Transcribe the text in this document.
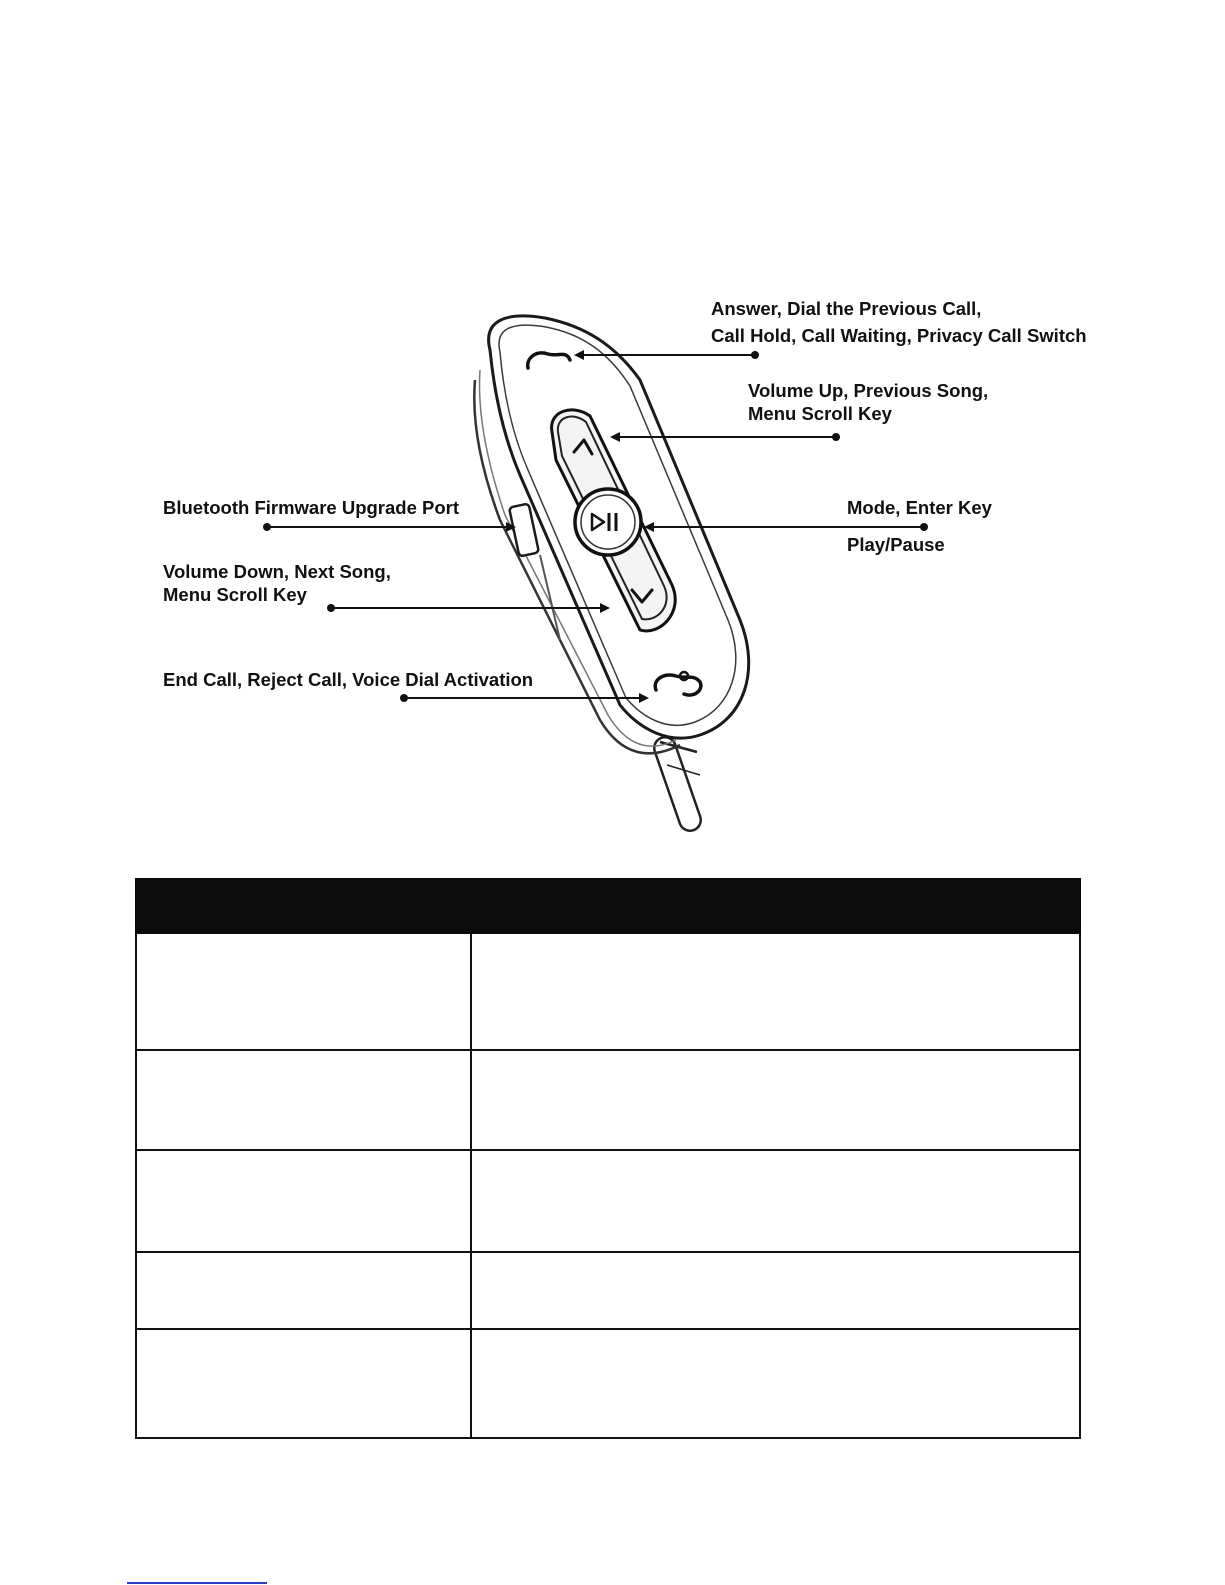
Answer, Dial the Previous Call,
Call Hold, Call Waiting, Privacy Call Switch
Volume Up, Previous Song,
Menu Scroll Key
Bluetooth Firmware Upgrade Port	Mode, Enter Key
Play/Pause
Volume Down, Next Song,
Menu Scroll Key
End Call, Reject Call, Voice Dial Activation
